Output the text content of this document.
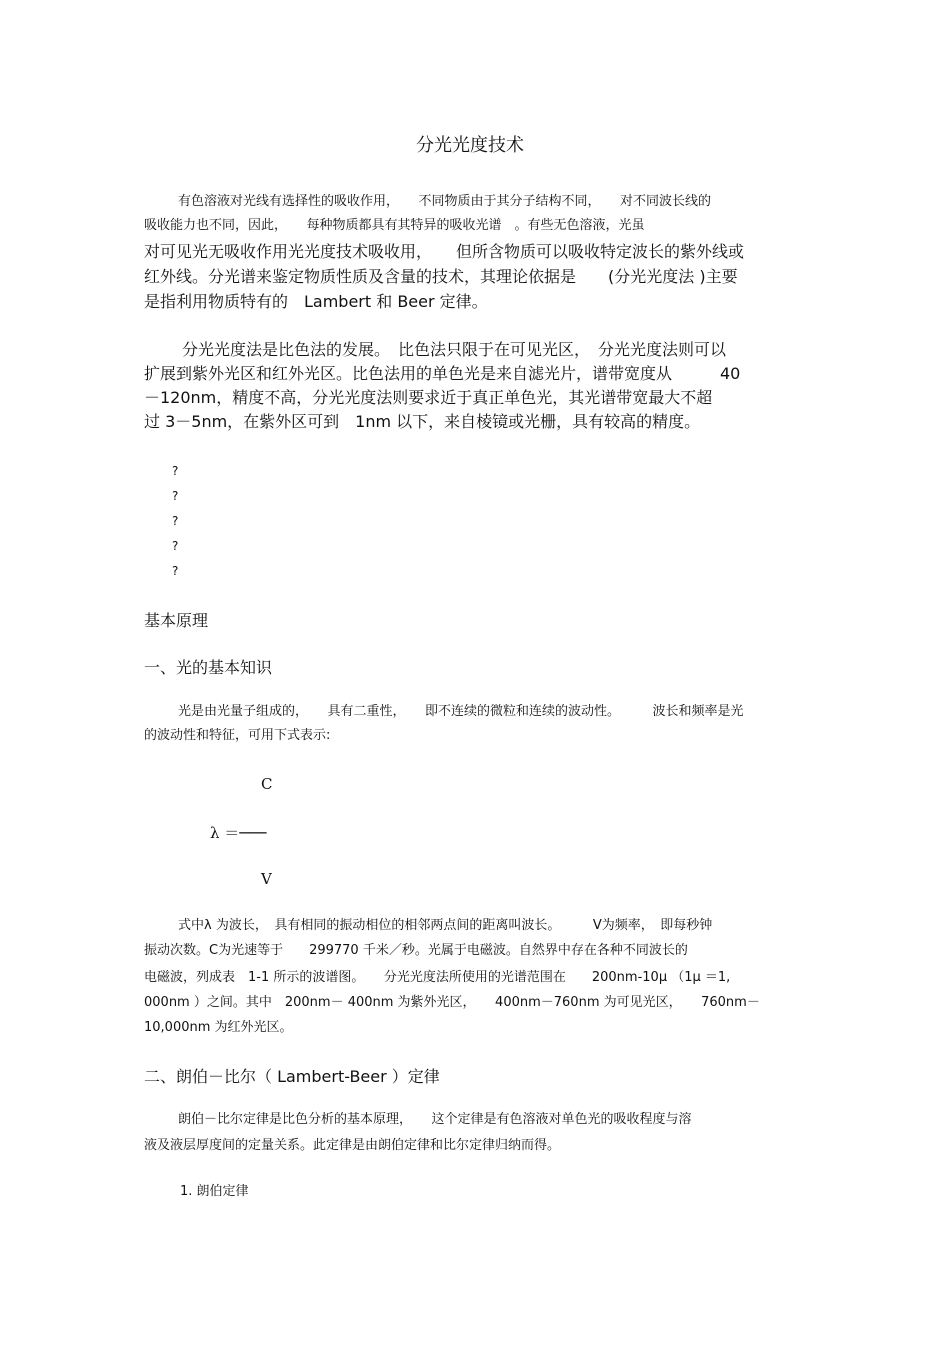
分光光度技术
有色溶液对光线有选择性的吸收作用，　　不同物质由于其分子结构不同，　　对不同波长线的
吸收能力也不同，因此，　　每种物质都具有其特异的吸收光谱　。有些无色溶液，光虽
对可见光无吸收作用光光度技术吸收用，　　但所含物质可以吸收特定波长的紫外线或
红外线。分光谱来鉴定物质性质及含量的技术，其理论依据是　　(分光光度法 )主要
是指利用物质特有的　Lambert 和 Beer 定律。
分光光度法是比色法的发展。　比色法只限于在可见光区，　分光光度法则可以
扩展到紫外光区和红外光区。比色法用的单色光是来自滤光片，谱带宽度从　　　40
－120nm，精度不高，分光光度法则要求近于真正单色光，其光谱带宽最大不超
过 3－5nm，在紫外区可到　1nm 以下，来自棱镜或光栅，具有较高的精度。
?
?
?
?
?
基本原理
一、光的基本知识
光是由光量子组成的，　　具有二重性，　　即不连续的微粒和连续的波动性。　　　波长和频率是光
的波动性和特征，可用下式表示:
C
λ ＝───
V
式中λ 为波长，　具有相同的振动相位的相邻两点间的距离叫波长。　　　V为频率，　即每秒钟
振动次数。C为光速等于　　299770 千米／秒。光属于电磁波。自然界中存在各种不同波长的
电磁波，列成表　1-1 所示的波谱图。　　分光光度法所使用的光谱范围在　　200nm-10μ （1μ ＝1,
000nm ）之间。其中　200nm－ 400nm 为紫外光区，　　400nm－760nm 为可见光区，　　760nm－
10,000nm 为红外光区。
二、朗伯－比尔（ Lambert-Beer ）定律
朗伯－比尔定律是比色分析的基本原理，　　这个定律是有色溶液对单色光的吸收程度与溶
液及液层厚度间的定量关系。此定律是由朗伯定律和比尔定律归纳而得。
1. 朗伯定律
